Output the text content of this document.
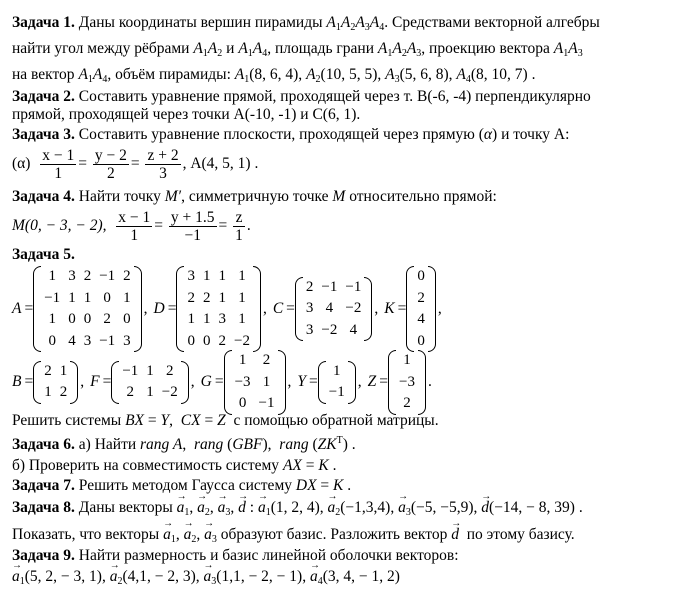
Задача 1. Даны координаты вершин пирамиды $A_1A_2A_3A_4$. Средствами векторной алгебры
найти угол между рёбрами $A_1A_2$ и $A_1A_4$, площадь грани $A_1A_2A_3$, проекцию вектора $A_1A_3$
на вектор $A_1A_4$, объём пирамиды: $A_1(8$, 6, 4), $A_2(10$, 5, 5), $A_3(5$, 6, 8), $A_4(8$, 10, 7) .
Задача 2. Составить уравнение прямой, проходящей через т. B(-6, -4) перпендикулярно
прямой, проходящей через точки A(-10, -1) и C(6, 1).
Задача 3. Составить уравнение плоскости, проходящей через прямую (α) и точку A:
$(\alpha) \frac{x - 1}{1} = \frac{y - 2}{2} = \frac{z + 2}{3}$ , A(4, 5, 1) .
Задача 4. Найти точку M′, симметричную точке M относительно прямой:
M(0, − 3, − 2), $\frac{x - 1}{1} = \frac{y + 1.5}{-1} = \frac{z}{1}$ .
Задача 5.
A =
1	3	2	−1	2
−1	1	1	0	1
1	0	0	2	0
0	4	3	−1	3
, D =
3	1	1	1
2	2	1	1
1	1	3	1
0	0	2	−2
, C =
2	−1	−1
3	4	−2
3	−2	4
, K =
0
2
4
0
,
B =
2	1
1	2
, F =
−1	1	2
2	1	−2
, G =
1	2
−3	1
0	−1
, Y =
1
−1
, Z =
1
−3
2
.
Решить системы BX = Y,  CX = Z с помощью обратной матрицы.
Задача 6. а) Найти rang A,  rang (GBF),  rang $(ZK^T)$ .
б) Проверить на совместимость систему AX = K .
Задача 7. Решить методом Гаусса систему DX = K .
Задача 8. Даны векторы → $a_1$, → $a_2$, → $a_3$, → d : → $a_1(1$, 2, 4), → $a_2(-1,3,4)$, → $a_3(-5$, −5,9), → d(−14, − 8, 39) .
Показать, что векторы → $a_1$, → $a_2$, → $a_3$ образуют базис. Разложить вектор → d по этому базису.
Задача 9. Найти размерность и базис линейной оболочки векторов:
→ $a_1(5$, 2, − 3, 1), → $a_2(4,1$, − 2, 3), → $a_3(1,1$, − 2, − 1), → $a_4(3$, 4, − 1, 2)
